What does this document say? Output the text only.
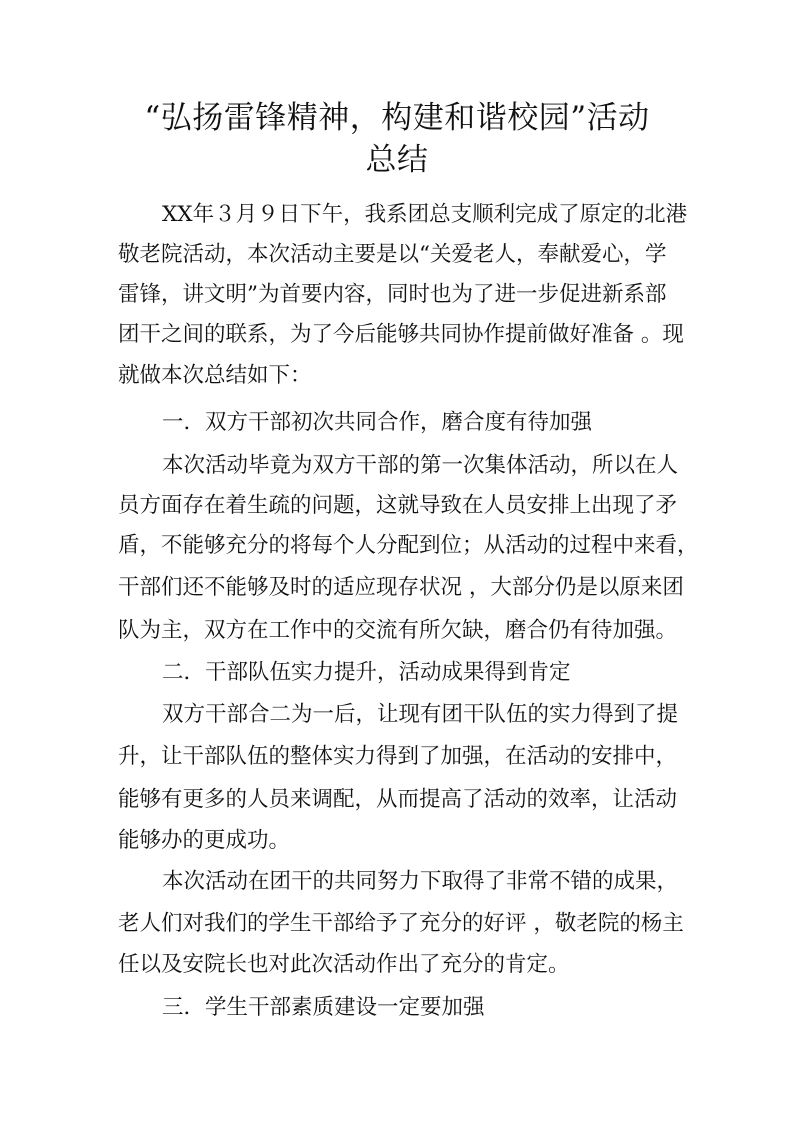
“弘扬雷锋精神，构建和谐校园”活动
总结

XX年３月９日下午，我系团总支顺利完成了原定的北港

敬老院活动，本次活动主要是以“关爱老人，奉献爱心，学

雷锋，讲文明”为首要内容，同时也为了进一步促进新系部

团干之间的联系，为了今后能够共同协作提前做好准备 。现

就做本次总结如下：

一．双方干部初次共同合作，磨合度有待加强

本次活动毕竟为双方干部的第一次集体活动，所以在人

员方面存在着生疏的问题，这就导致在人员安排上出现了矛

盾，不能够充分的将每个人分配到位；从活动的过程中来看，

干部们还不能够及时的适应现存状况 ，大部分仍是以原来团

队为主，双方在工作中的交流有所欠缺，磨合仍有待加强。

二．干部队伍实力提升，活动成果得到肯定

双方干部合二为一后，让现有团干队伍的实力得到了提

升，让干部队伍的整体实力得到了加强，在活动的安排中，

能够有更多的人员来调配，从而提高了活动的效率，让活动

能够办的更成功。

本次活动在团干的共同努力下取得了非常不错的成果，

老人们对我们的学生干部给予了充分的好评 ，敬老院的杨主

任以及安院长也对此次活动作出了充分的肯定。

三．学生干部素质建设一定要加强
